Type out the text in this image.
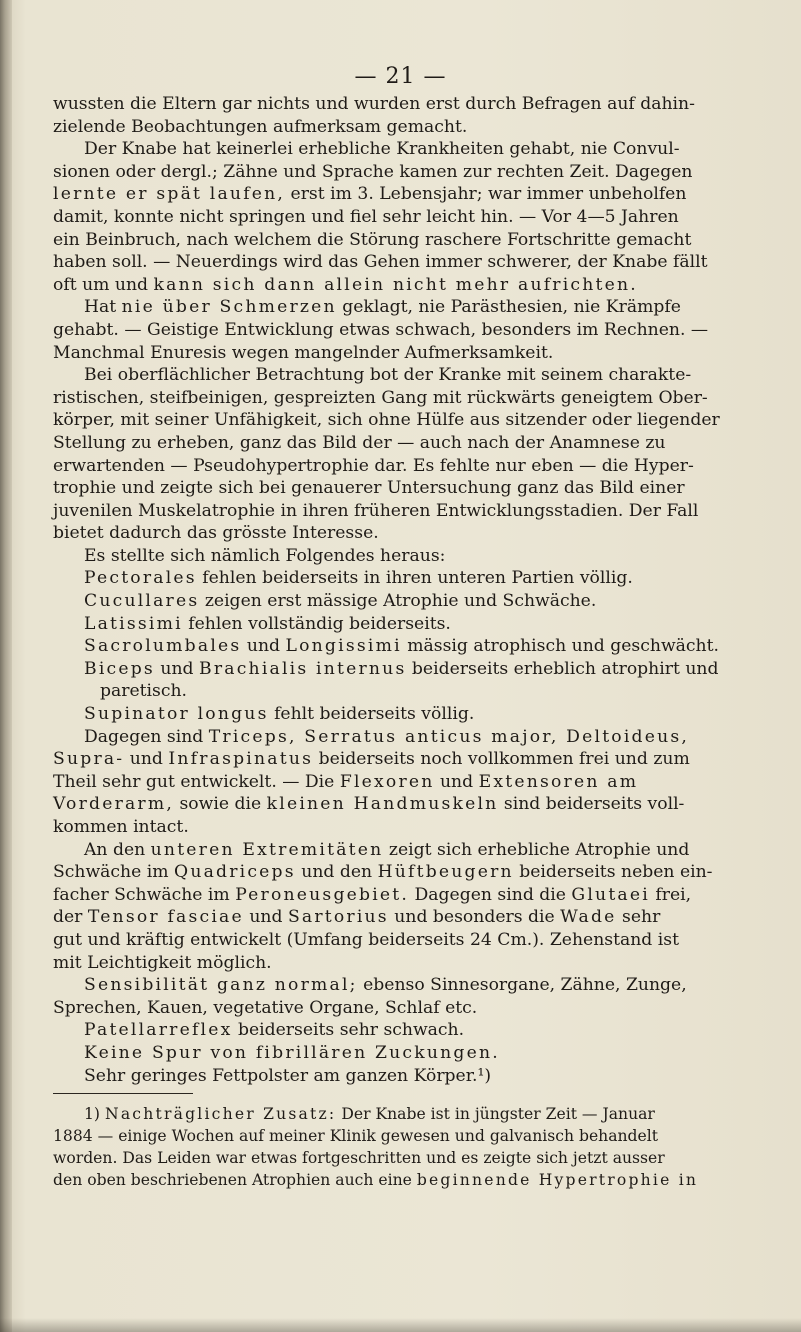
— 21 —
wussten die Eltern gar nichts und wurden erst durch Befragen auf dahin-
zielende Beobachtungen aufmerksam gemacht.
Der Knabe hat keinerlei erhebliche Krankheiten gehabt, nie Convul-
sionen oder dergl.; Zähne und Sprache kamen zur rechten Zeit. Dagegen
lernte er spät laufen, erst im 3. Lebensjahr; war immer unbeholfen
damit, konnte nicht springen und fiel sehr leicht hin. — Vor 4—5 Jahren
ein Beinbruch, nach welchem die Störung raschere Fortschritte gemacht
haben soll. — Neuerdings wird das Gehen immer schwerer, der Knabe fällt
oft um und kann sich dann allein nicht mehr aufrichten.
Hat nie über Schmerzen geklagt, nie Parästhesien, nie Krämpfe
gehabt. — Geistige Entwicklung etwas schwach, besonders im Rechnen. —
Manchmal Enuresis wegen mangelnder Aufmerksamkeit.
Bei oberflächlicher Betrachtung bot der Kranke mit seinem charakte-
ristischen, steifbeinigen, gespreizten Gang mit rückwärts geneigtem Ober-
körper, mit seiner Unfähigkeit, sich ohne Hülfe aus sitzender oder liegender
Stellung zu erheben, ganz das Bild der — auch nach der Anamnese zu
erwartenden — Pseudohypertrophie dar. Es fehlte nur eben — die Hyper-
trophie und zeigte sich bei genauerer Untersuchung ganz das Bild einer
juvenilen Muskelatrophie in ihren früheren Entwicklungsstadien. Der Fall
bietet dadurch das grösste Interesse.
Es stellte sich nämlich Folgendes heraus:
Pectorales fehlen beiderseits in ihren unteren Partien völlig.
Cucullares zeigen erst mässige Atrophie und Schwäche.
Latissimi fehlen vollständig beiderseits.
Sacrolumbales und Longissimi mässig atrophisch und geschwächt.
Biceps und Brachialis internus beiderseits erheblich atrophirt und
paretisch.
Supinator longus fehlt beiderseits völlig.
Dagegen sind Triceps, Serratus anticus major, Deltoideus,
Supra- und Infraspinatus beiderseits noch vollkommen frei und zum
Theil sehr gut entwickelt. — Die Flexoren und Extensoren am
Vorderarm, sowie die kleinen Handmuskeln sind beiderseits voll-
kommen intact.
An den unteren Extremitäten zeigt sich erhebliche Atrophie und
Schwäche im Quadriceps und den Hüftbeugern beiderseits neben ein-
facher Schwäche im Peroneusgebiet. Dagegen sind die Glutaei frei,
der Tensor fasciae und Sartorius und besonders die Wade sehr
gut und kräftig entwickelt (Umfang beiderseits 24 Cm.). Zehenstand ist
mit Leichtigkeit möglich.
Sensibilität ganz normal; ebenso Sinnesorgane, Zähne, Zunge,
Sprechen, Kauen, vegetative Organe, Schlaf etc.
Patellarreflex beiderseits sehr schwach.
Keine Spur von fibrillären Zuckungen.
Sehr geringes Fettpolster am ganzen Körper.¹)
1) Nachträglicher Zusatz: Der Knabe ist in jüngster Zeit — Januar
1884 — einige Wochen auf meiner Klinik gewesen und galvanisch behandelt
worden. Das Leiden war etwas fortgeschritten und es zeigte sich jetzt ausser
den oben beschriebenen Atrophien auch eine beginnende Hypertrophie in
